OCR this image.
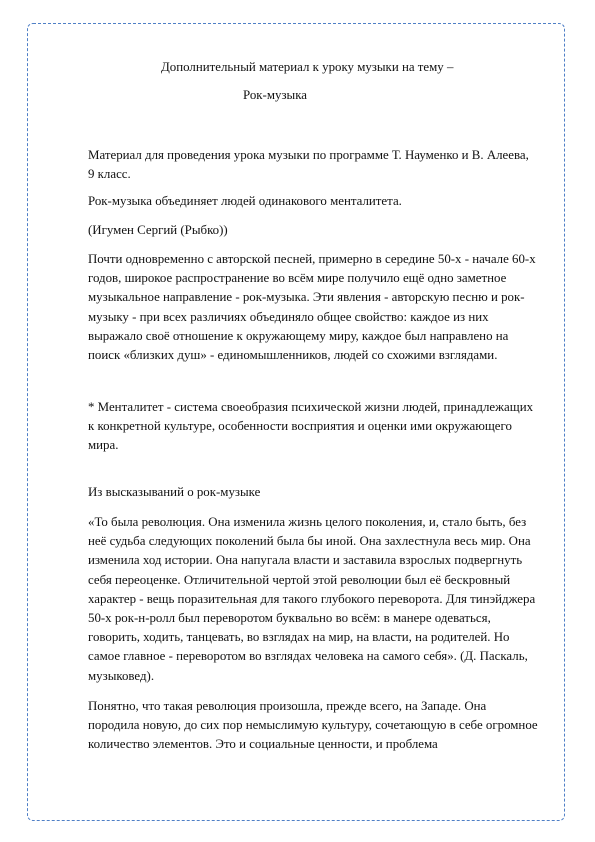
Дополнительный материал к уроку музыки на тему –
Рок-музыка

Материал для проведения урока музыки по программе Т. Науменко и В. Алеева, 9 класс.

Рок-музыка объединяет людей одинакового менталитета.

(Игумен Сергий (Рыбко))

Почти одновременно с авторской песней, примерно в середине 50-х - начале 60-х годов, широкое распространение во всём мире получило ещё одно заметное музыкальное направление - рок-музыка. Эти явления - авторскую песню и рок-музыку - при всех различиях объединяло общее свойство: каждое из них выражало своё отношение к окружающему миру, каждое был направлено на поиск «близких душ» - единомышленников, людей со схожими взглядами.

* Менталитет - система своеобразия психической жизни людей, принадлежащих к конкретной культуре, особенности восприятия и оценки ими окружающего мира.

Из высказываний о рок-музыке

«То была революция. Она изменила жизнь целого поколения, и, стало быть, без неё судьба следующих поколений была бы иной. Она захлестнула весь мир. Она изменила ход истории. Она напугала власти и заставила взрослых подвергнуть себя переоценке. Отличительной чертой этой революции был её бескровный характер - вещь поразительная для такого глубокого переворота. Для тинэйджера 50-х рок-н-ролл был переворотом буквально во всём: в манере одеваться, говорить, ходить, танцевать, во взглядах на мир, на власти, на родителей. Но самое главное - переворотом во взглядах человека на самого себя». (Д. Паскаль, музыковед).

Понятно, что такая революция произошла, прежде всего, на Западе. Она породила новую, до сих пор немыслимую культуру, сочетающую в себе огромное количество элементов. Это и социальные ценности, и проблема
